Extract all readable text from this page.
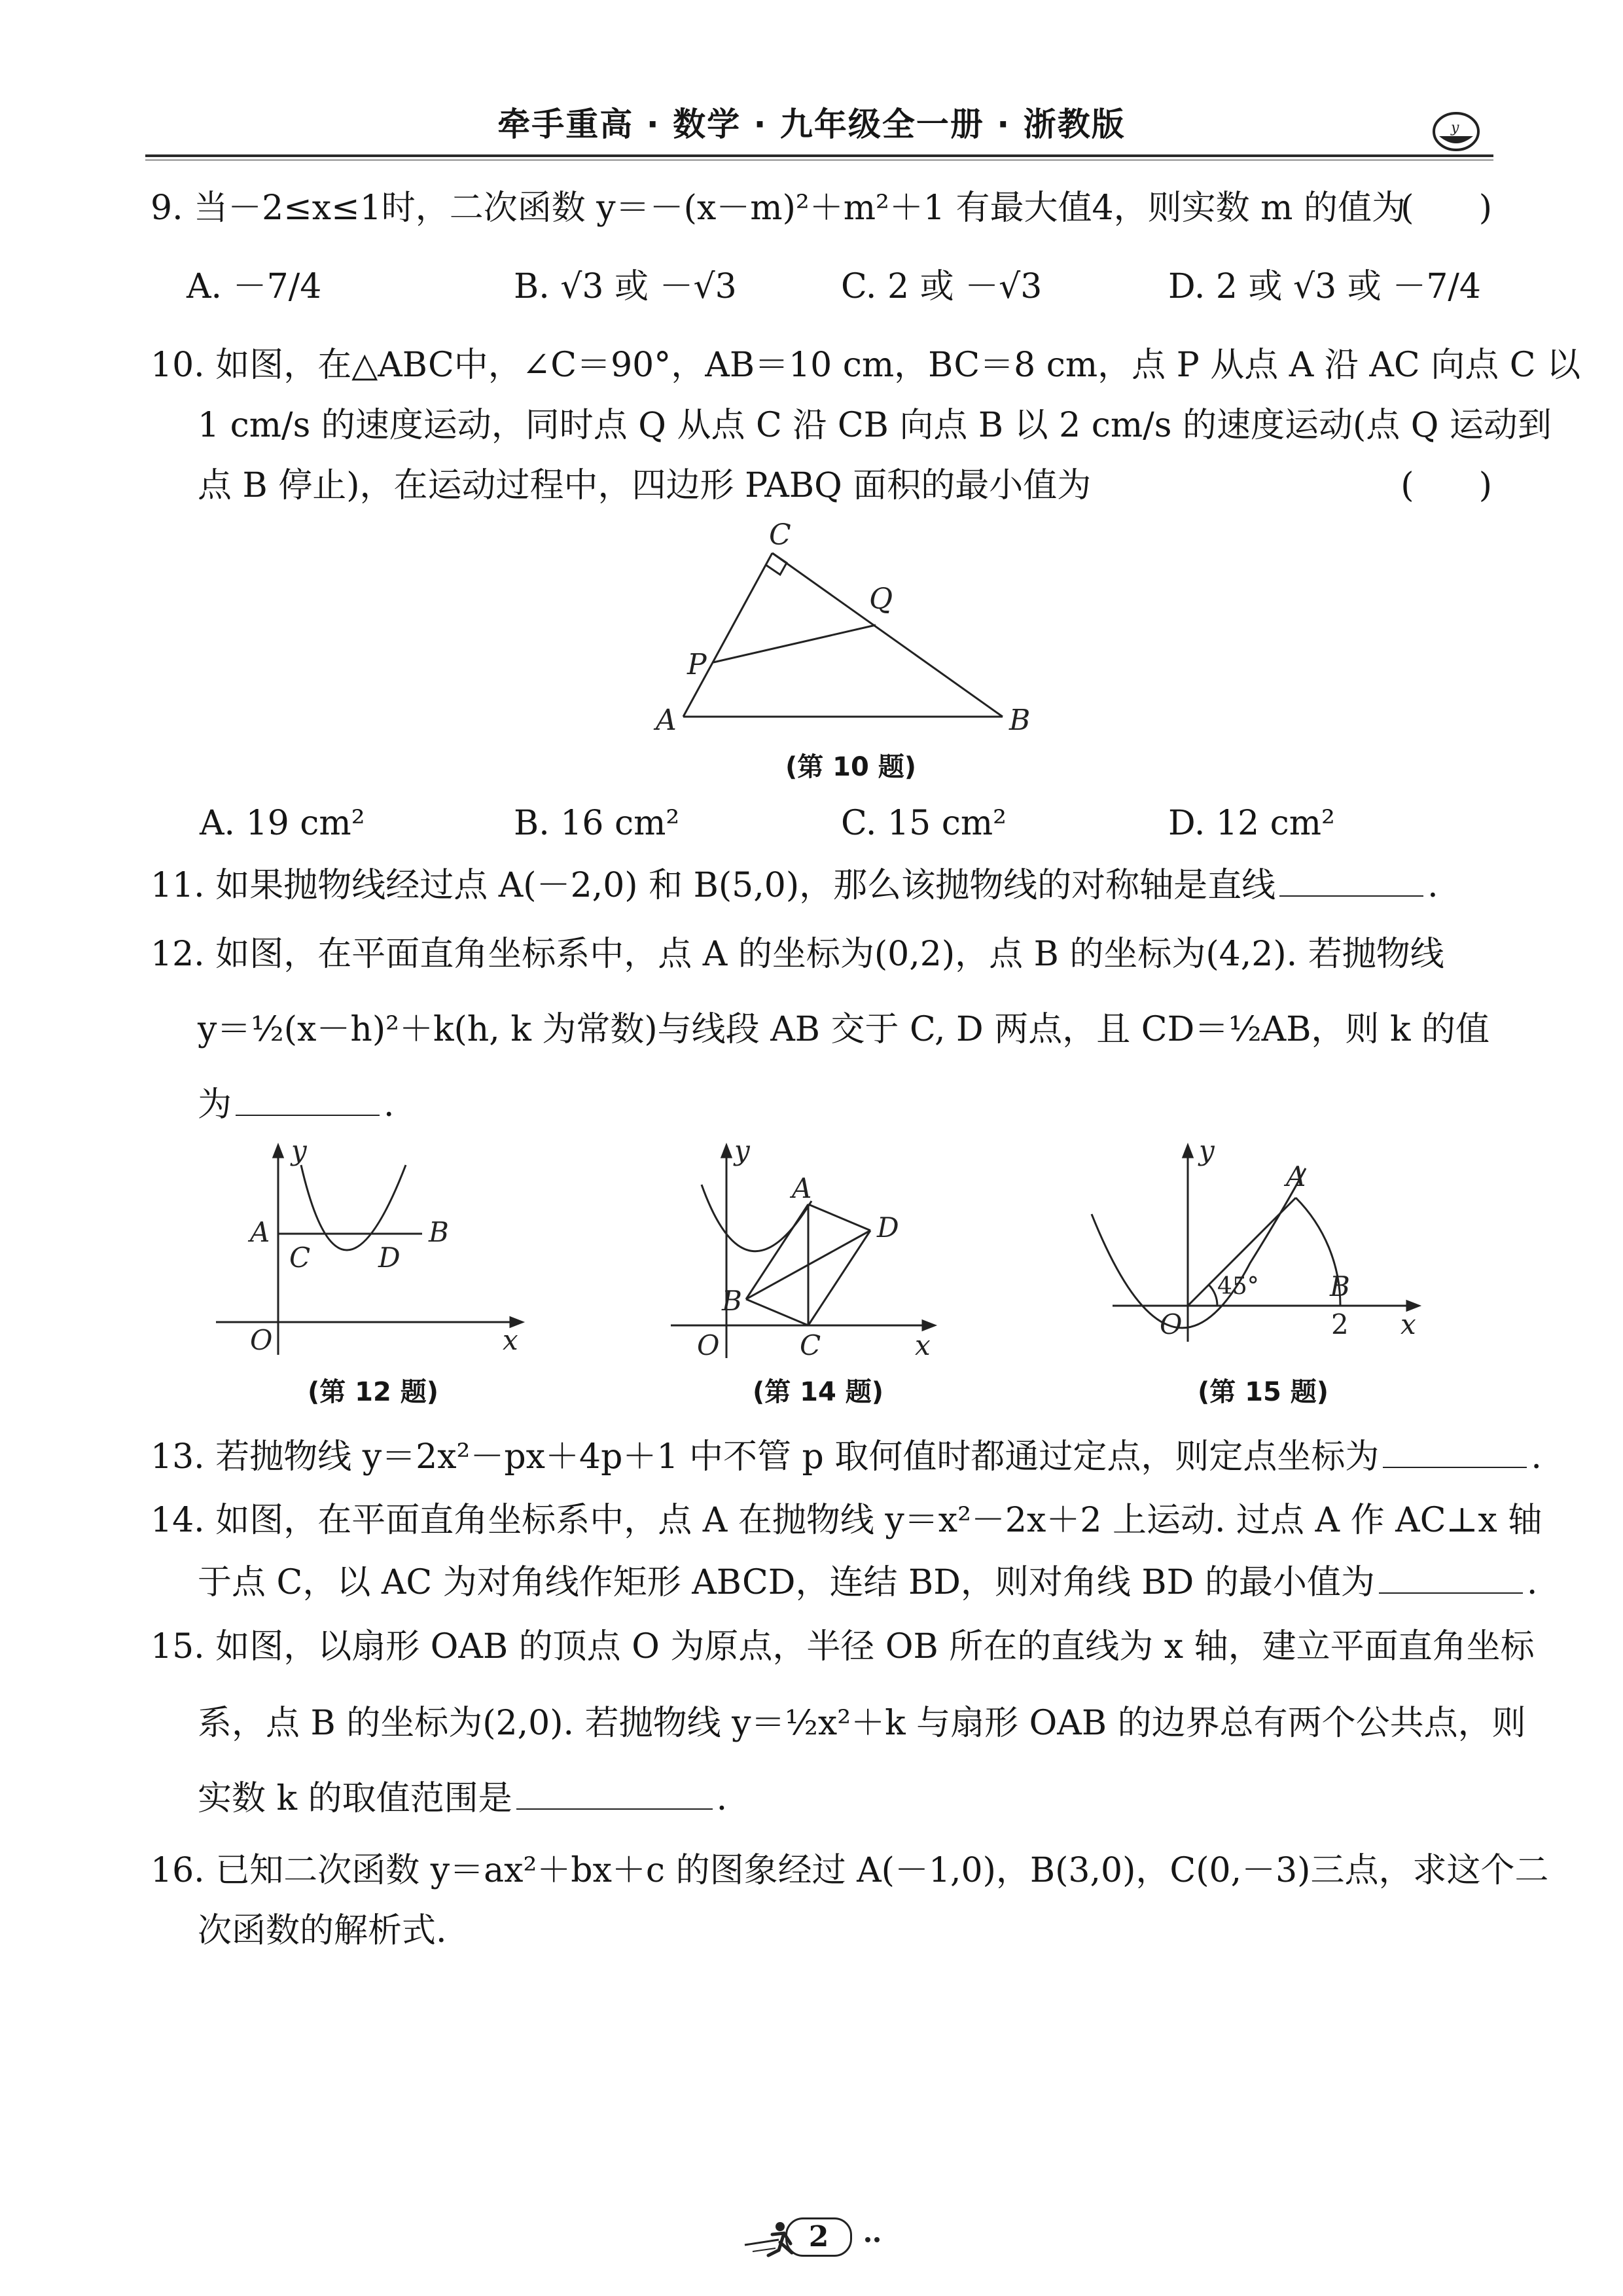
牵手重高 · 数学 · 九年级全一册 · 浙教版	y
9. 当－2≤x≤1时，二次函数 y＝－(x－m)²＋m²＋1 有最大值4，则实数 m 的值为
(      )
A. －7/4	B. √3 或 －√3	C. 2 或 －√3	D. 2 或 √3 或 －7/4
10. 如图，在△ABC中，∠C＝90°，AB＝10 cm，BC＝8 cm，点 P 从点 A 沿 AC 向点 C 以
1 cm/s 的速度运动，同时点 Q 从点 C 沿 CB 向点 B 以 2 cm/s 的速度运动(点 Q 运动到
点 B 停止)，在运动过程中，四边形 PABQ 面积的最小值为	(      )
C
Q
P
A	B
(第 10 题)
A. 19 cm²	B. 16 cm²	C. 15 cm²	D. 12 cm²
11. 如果抛物线经过点 A(－2,0) 和 B(5,0)，那么该抛物线的对称轴是直线	.
12. 如图，在平面直角坐标系中，点 A 的坐标为(0,2)，点 B 的坐标为(4,2). 若抛物线
y＝½(x－h)²＋k(h, k 为常数)与线段 AB 交于 C, D 两点，且 CD＝½AB，则 k 的值
为	.
y
A	B
C D
O	x
(第 12 题)
y
A
D
B
O	C	x
(第 14 题)
y
A
45°	B
O	2 x
(第 15 题)
13. 若抛物线 y＝2x²－px＋4p＋1 中不管 p 取何值时都通过定点，则定点坐标为	.
14. 如图，在平面直角坐标系中，点 A 在抛物线 y＝x²－2x＋2 上运动. 过点 A 作 AC⊥x 轴
于点 C，以 AC 为对角线作矩形 ABCD，连结 BD，则对角线 BD 的最小值为	.
15. 如图，以扇形 OAB 的顶点 O 为原点，半径 OB 所在的直线为 x 轴，建立平面直角坐标
系，点 B 的坐标为(2,0). 若抛物线 y＝½x²＋k 与扇形 OAB 的边界总有两个公共点，则
实数 k 的取值范围是	.
16. 已知二次函数 y＝ax²＋bx＋c 的图象经过 A(－1,0)，B(3,0)，C(0,－3)三点，求这个二
次函数的解析式.
2
